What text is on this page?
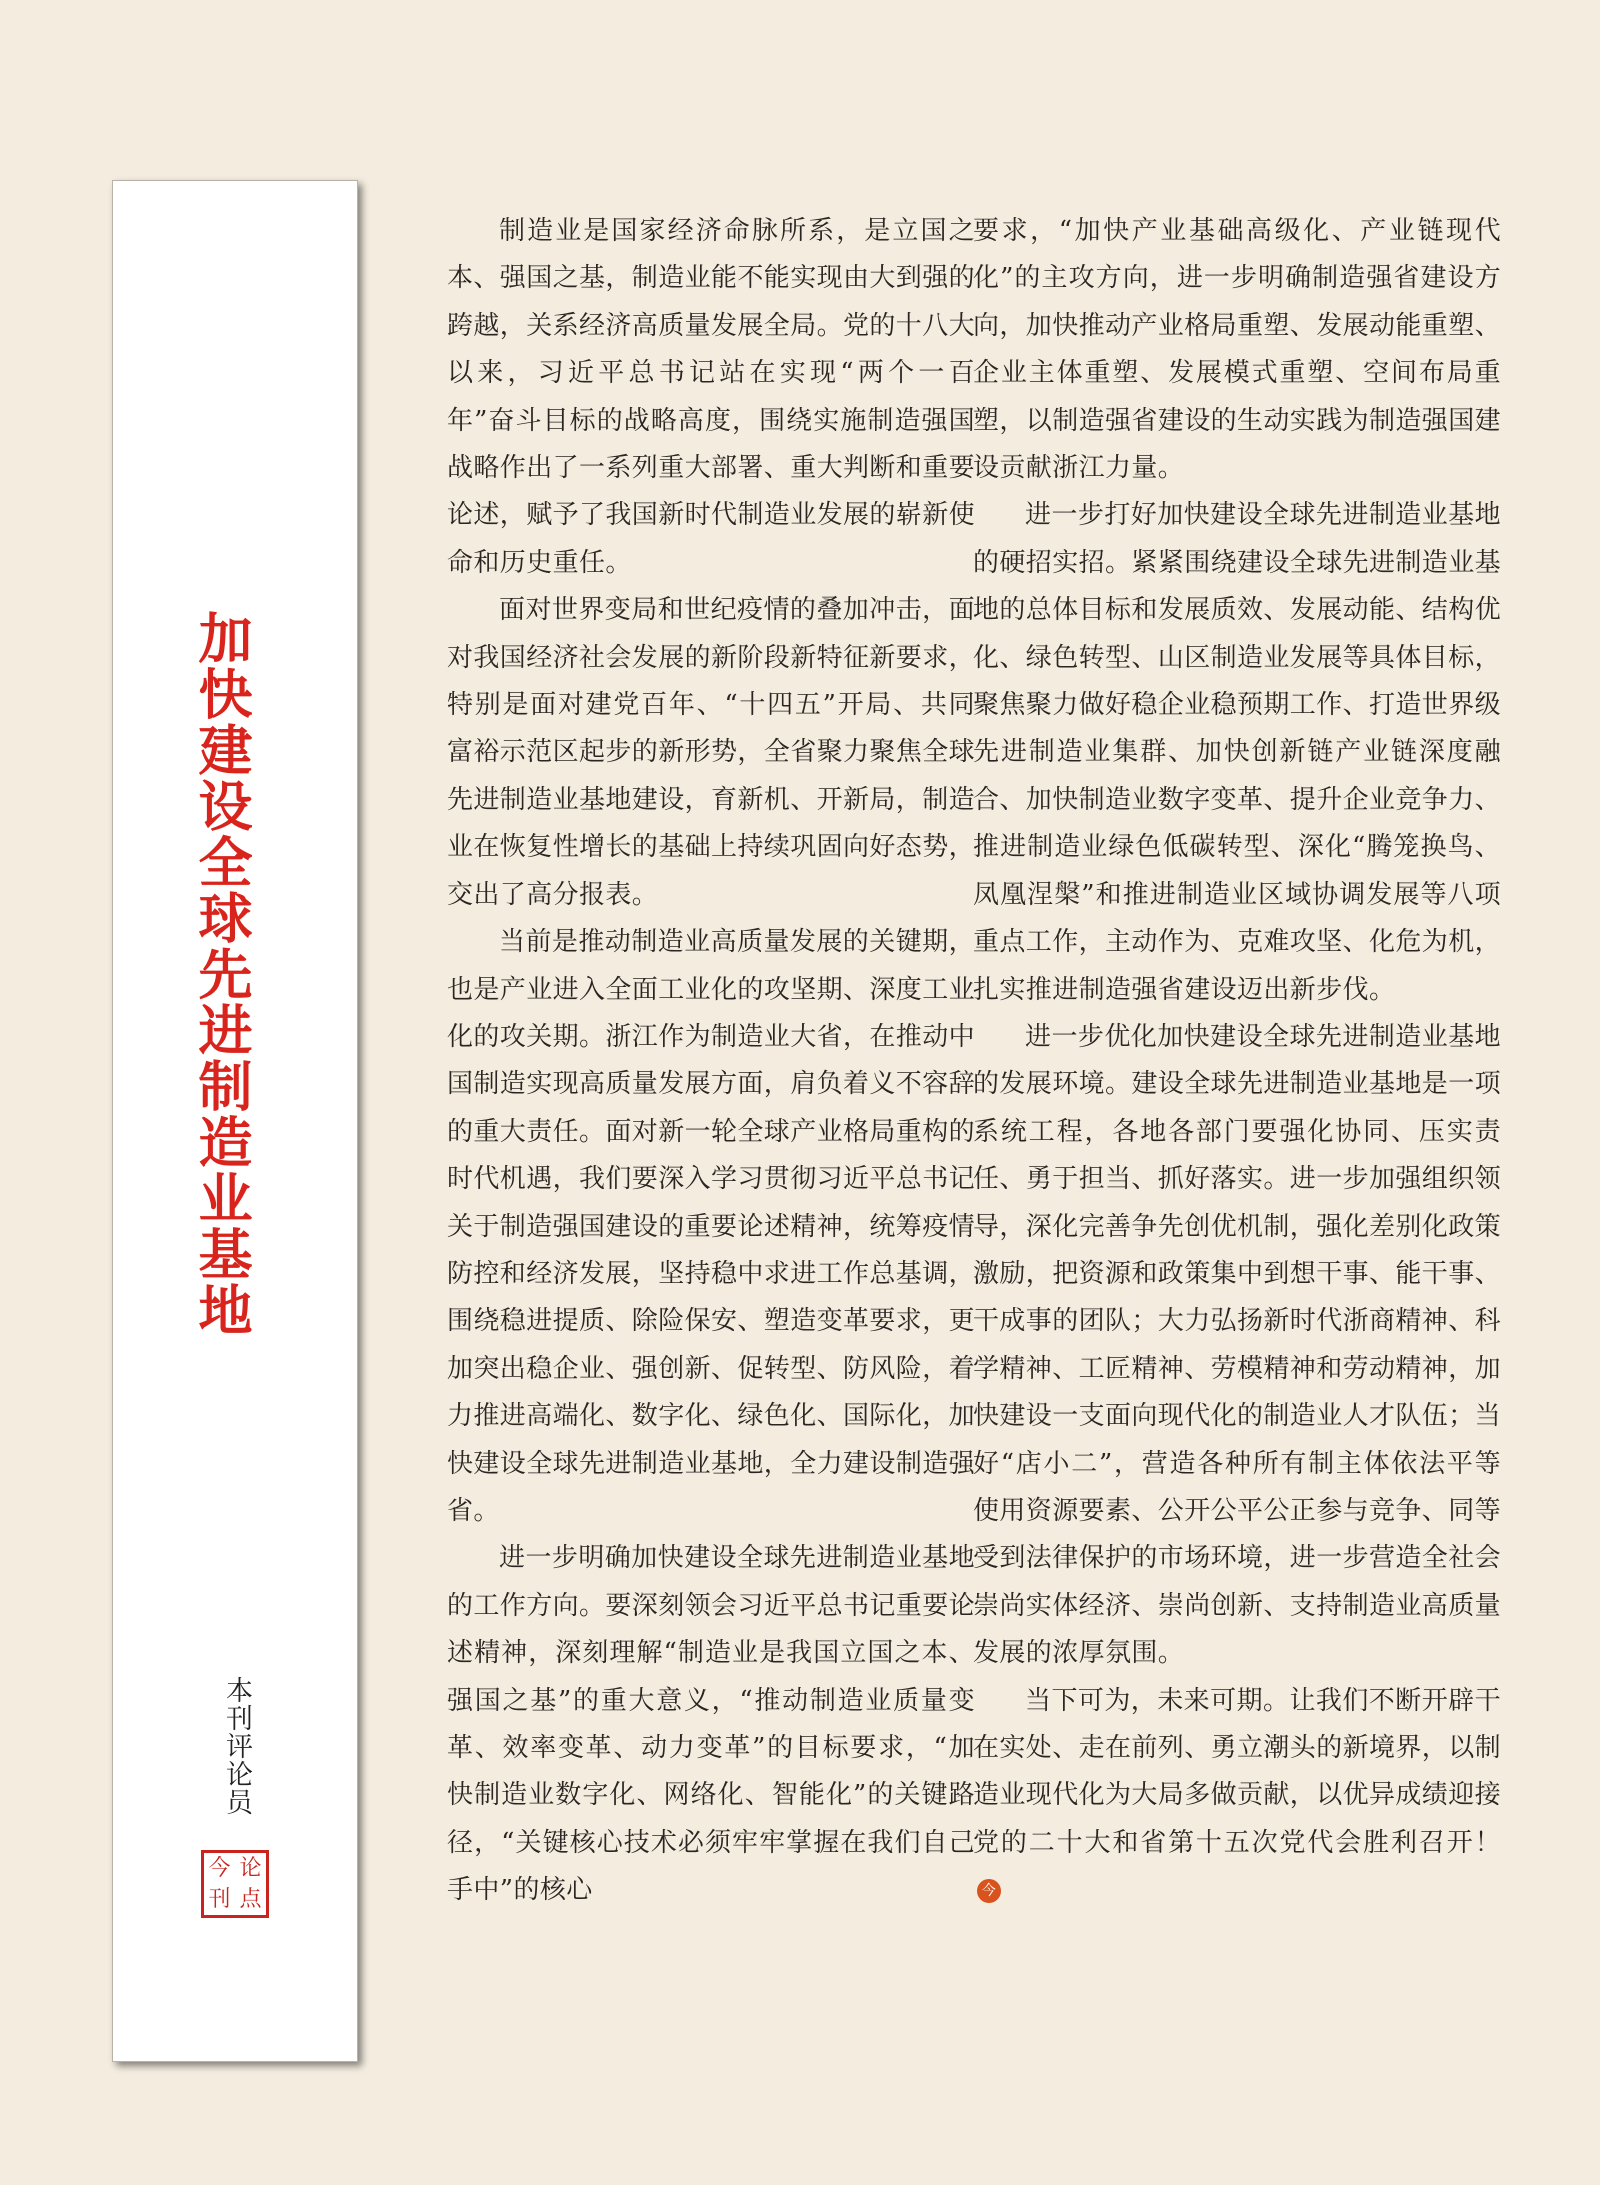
加快建设全球先进制造业基地
本刊评论员
今 论
刊 点

制造业是国家经济命脉所系，是立国之本、强国之基，制造业能不能实现由大到强的跨越，关系经济高质量发展全局。党的十八大以来，习近平总书记站在实现“两个一百年”奋斗目标的战略高度，围绕实施制造强国战略作出了一系列重大部署、重大判断和重要论述，赋予了我国新时代制造业发展的崭新使命和历史重任。

面对世界变局和世纪疫情的叠加冲击，面对我国经济社会发展的新阶段新特征新要求，特别是面对建党百年、“十四五”开局、共同富裕示范区起步的新形势，全省聚力聚焦全球先进制造业基地建设，育新机、开新局，制造业在恢复性增长的基础上持续巩固向好态势，交出了高分报表。

当前是推动制造业高质量发展的关键期，也是产业进入全面工业化的攻坚期、深度工业化的攻关期。浙江作为制造业大省，在推动中国制造实现高质量发展方面，肩负着义不容辞的重大责任。面对新一轮全球产业格局重构的时代机遇，我们要深入学习贯彻习近平总书记关于制造强国建设的重要论述精神，统筹疫情防控和经济发展，坚持稳中求进工作总基调，围绕稳进提质、除险保安、塑造变革要求，更加突出稳企业、强创新、促转型、防风险，着力推进高端化、数字化、绿色化、国际化，加快建设全球先进制造业基地，全力建设制造强省。

进一步明确加快建设全球先进制造业基地的工作方向。要深刻领会习近平总书记重要论述精神，深刻理解“制造业是我国立国之本、强国之基”的重大意义，“推动制造业质量变革、效率变革、动力变革”的目标要求，“加快制造业数字化、网络化、智能化”的关键路径，“关键核心技术必须牢牢掌握在我们自己手中”的核心

要求，“加快产业基础高级化、产业链现代化”的主攻方向，进一步明确制造强省建设方向，加快推动产业格局重塑、发展动能重塑、企业主体重塑、发展模式重塑、空间布局重塑，以制造强省建设的生动实践为制造强国建设贡献浙江力量。

进一步打好加快建设全球先进制造业基地的硬招实招。紧紧围绕建设全球先进制造业基地的总体目标和发展质效、发展动能、结构优化、绿色转型、山区制造业发展等具体目标，聚焦聚力做好稳企业稳预期工作、打造世界级先进制造业集群、加快创新链产业链深度融合、加快制造业数字变革、提升企业竞争力、推进制造业绿色低碳转型、深化“腾笼换鸟、凤凰涅槃”和推进制造业区域协调发展等八项重点工作，主动作为、克难攻坚、化危为机，扎实推进制造强省建设迈出新步伐。

进一步优化加快建设全球先进制造业基地的发展环境。建设全球先进制造业基地是一项系统工程，各地各部门要强化协同、压实责任、勇于担当、抓好落实。进一步加强组织领导，深化完善争先创优机制，强化差别化政策激励，把资源和政策集中到想干事、能干事、干成事的团队；大力弘扬新时代浙商精神、科学精神、工匠精神、劳模精神和劳动精神，加快建设一支面向现代化的制造业人才队伍；当好“店小二”，营造各种所有制主体依法平等使用资源要素、公开公平公正参与竞争、同等受到法律保护的市场环境，进一步营造全社会崇尚实体经济、崇尚创新、支持制造业高质量发展的浓厚氛围。

当下可为，未来可期。让我们不断开辟干在实处、走在前列、勇立潮头的新境界，以制造业现代化为大局多做贡献，以优异成绩迎接党的二十大和省第十五次党代会胜利召开！今
